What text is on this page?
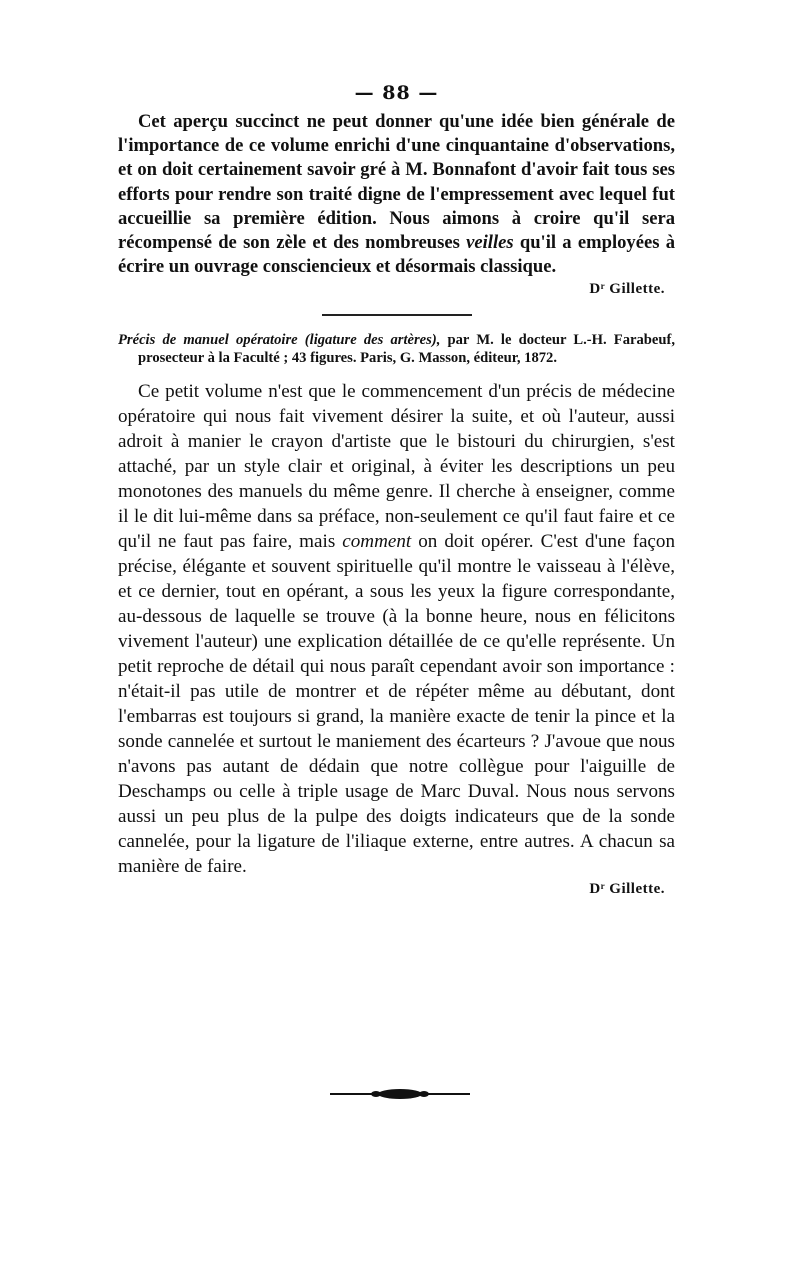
— 88 —

Cet aperçu succinct ne peut donner qu'une idée bien générale de l'importance de ce volume enrichi d'une cinquantaine d'observations, et on doit certainement savoir gré à M. Bonnafont d'avoir fait tous ses efforts pour rendre son traité digne de l'empressement avec lequel fut accueillie sa première édition. Nous aimons à croire qu'il sera récompensé de son zèle et des nombreuses veilles qu'il a employées à écrire un ouvrage consciencieux et désormais classique.

Dʳ Gillette.

Précis de manuel opératoire (ligature des artères), par M. le docteur L.-H. Farabeuf, prosecteur à la Faculté ; 43 figures. Paris, G. Masson, éditeur, 1872.

Ce petit volume n'est que le commencement d'un précis de médecine opératoire qui nous fait vivement désirer la suite, et où l'auteur, aussi adroit à manier le crayon d'artiste que le bistouri du chirurgien, s'est attaché, par un style clair et original, à éviter les descriptions un peu monotones des manuels du même genre. Il cherche à enseigner, comme il le dit lui-même dans sa préface, non-seulement ce qu'il faut faire et ce qu'il ne faut pas faire, mais comment on doit opérer. C'est d'une façon précise, élégante et souvent spirituelle qu'il montre le vaisseau à l'élève, et ce dernier, tout en opérant, a sous les yeux la figure correspondante, au-dessous de laquelle se trouve (à la bonne heure, nous en félicitons vivement l'auteur) une explication détaillée de ce qu'elle représente. Un petit reproche de détail qui nous paraît cependant avoir son importance : n'était-il pas utile de montrer et de répéter même au débutant, dont l'embarras est toujours si grand, la manière exacte de tenir la pince et la sonde cannelée et surtout le maniement des écarteurs ? J'avoue que nous n'avons pas autant de dédain que notre collègue pour l'aiguille de Deschamps ou celle à triple usage de Marc Duval. Nous nous servons aussi un peu plus de la pulpe des doigts indicateurs que de la sonde cannelée, pour la ligature de l'iliaque externe, entre autres. A chacun sa manière de faire.

Dʳ Gillette.
